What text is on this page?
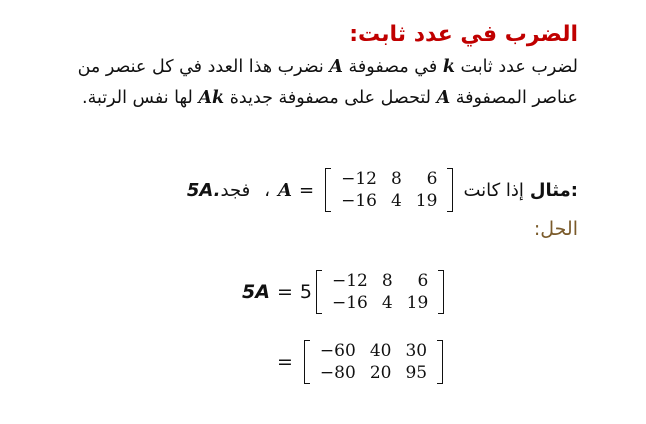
الضرب في عدد ثابت:
لضرب عدد ثابت k في مصفوفة A نضرب هذا العدد في كل عنصر من عناصر المصفوفة A لتحصل على مصفوفة جديدة Ak لها نفس الرتبة.
مثال:
إذا كانت
−12	8	6
−16	4	19
=
A
،
فجد
5A.
الحل:
5A = 5 −12	8	6
−16	4	19
= −60	40	30
−80	20	95
